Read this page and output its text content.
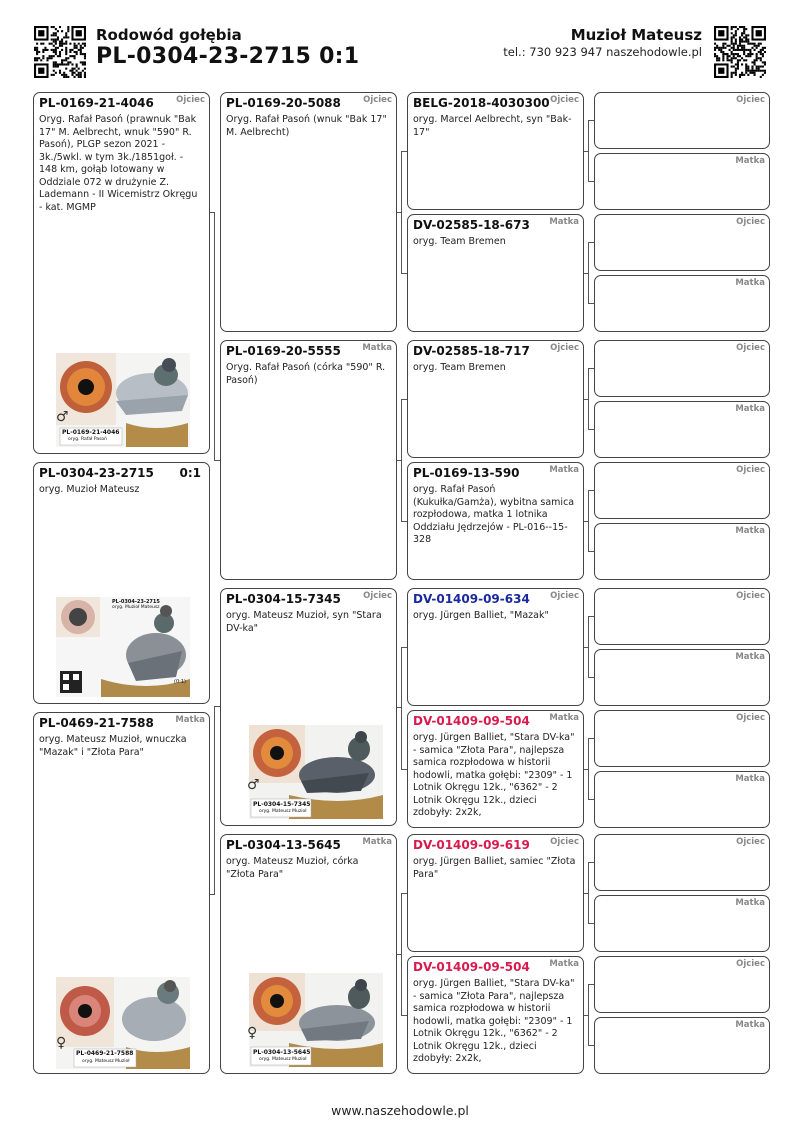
Rodowód gołębia
PL-0304-23-2715 0:1
Muzioł Mateusz
tel.: 730 923 947 naszehodowle.pl
PL-0169-21-4046	Ojciec
Oryg. Rafał Pasoń (prawnuk "Bak 17" M. Aelbrecht, wnuk "590" R. Pasoń), PLGP sezon 2021 - 3k./5wkl. w tym 3k./1851goł. - 148 km, gołąb lotowany w Oddziale 072 w drużynie Z. Lademann - II Wicemistrz Okręgu - kat. MGMP
PL-0169-21-4046
oryg. Rafał Pasoń
♂
PL-0304-23-2715 0:1
oryg. Muzioł Mateusz
PL-0304-23-2715
oryg. Muzioł Mateusz
(0:1)
PL-0469-21-7588	Matka
oryg. Mateusz Muzioł, wnuczka "Mazak" i "Złota Para"
PL-0469-21-7588
oryg. Mateusz Muzioł
♀
PL-0169-20-5088
Oryg. Rafał Pasoń (wnuk "Bak 17" M. Aelbrecht)
Ojciec
PL-0169-20-5555
Oryg. Rafał Pasoń (córka "590" R. Pasoń)
Matka
PL-0304-15-7345
oryg. Mateusz Muzioł, syn "Stara DV-ka"
Ojciec
PL-0304-15-7345
oryg. Mateusz Muzioł
♂
PL-0304-13-5645
oryg. Mateusz Muzioł, córka "Złota Para"
Matka
PL-0304-13-5645
oryg. Mateusz Muzioł
♀
BELG-2018-4030300
oryg. Marcel Aelbrecht, syn "Bak-17"
Ojciec
DV-02585-18-673
oryg. Team Bremen
Matka
DV-02585-18-717
oryg. Team Bremen
Ojciec
PL-0169-13-590
oryg. Rafał Pasoń (Kukułka/Gamża), wybitna samica rozpłodowa, matka 1 lotnika Oddziału Jędrzejów - PL-016--15-328
Matka
DV-01409-09-634
oryg. Jürgen Balliet, "Mazak"
Ojciec
DV-01409-09-504
oryg. Jürgen Balliet, "Stara DV-ka" - samica "Złota Para", najlepsza samica rozpłodowa w historii hodowli, matka gołębi: "2309" - 1 Lotnik Okręgu 12k., "6362" - 2 Lotnik Okręgu 12k., dzieci zdobyły: 2x2k,
Matka
DV-01409-09-619
oryg. Jürgen Balliet, samiec "Złota Para"
Ojciec
DV-01409-09-504
oryg. Jürgen Balliet, "Stara DV-ka" - samica "Złota Para", najlepsza samica rozpłodowa w historii hodowli, matka gołębi: "2309" - 1 Lotnik Okręgu 12k., "6362" - 2 Lotnik Okręgu 12k., dzieci zdobyły: 2x2k,
Matka
Ojciec
Matka
Ojciec
Matka
Ojciec
Matka
Ojciec
Matka
Ojciec
Matka
Ojciec
Matka
Ojciec
Matka
Ojciec
Matka
www.naszehodowle.pl
